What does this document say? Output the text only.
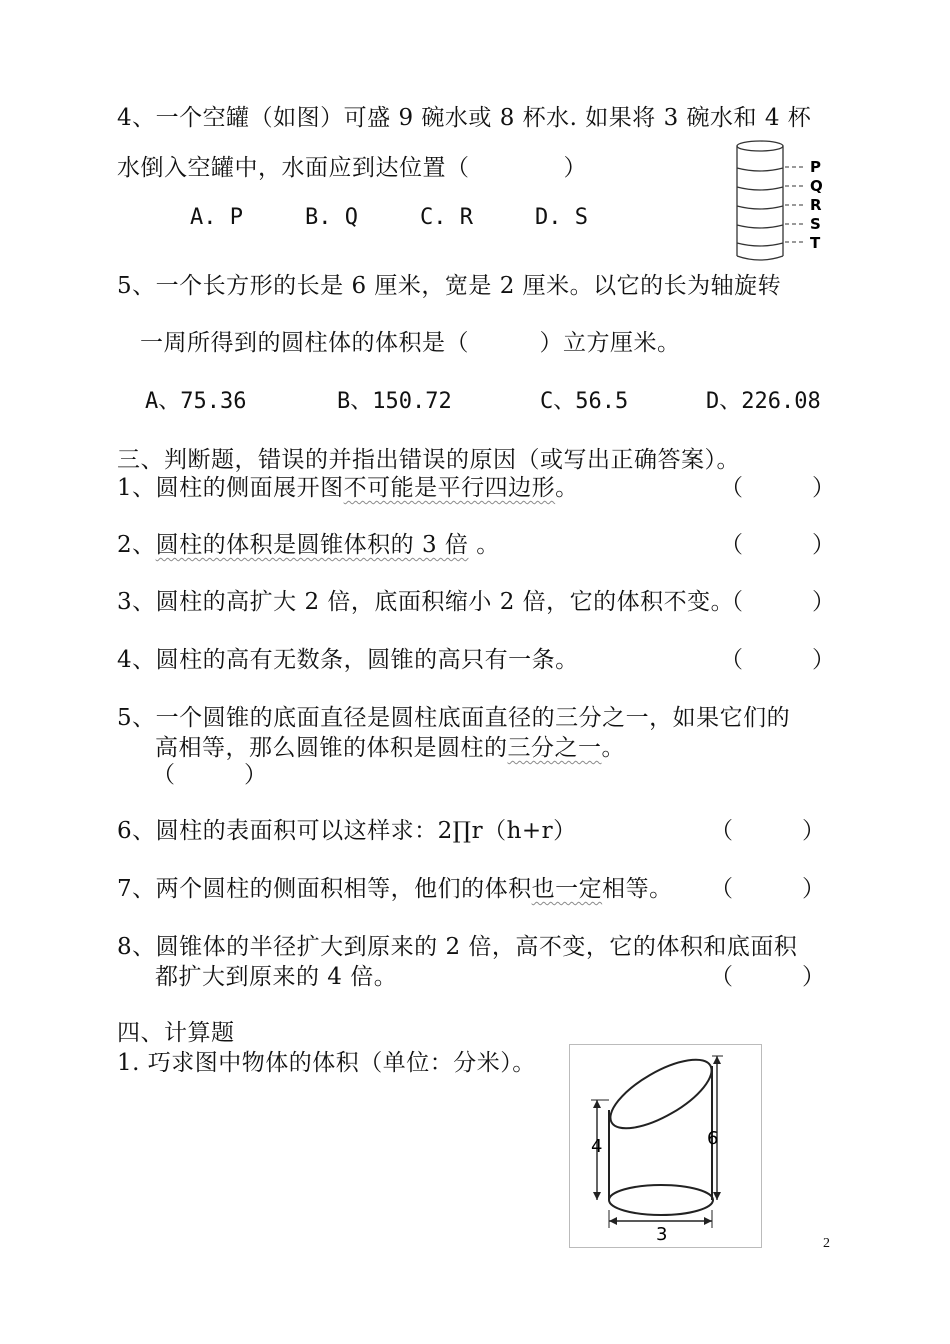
4、一个空罐（如图）可盛 9 碗水或 8 杯水. 如果将 3 碗水和 4 杯
水倒入空罐中，水面应到达位置（　　　　）
A. P	B. Q	C. R	D. S
P
Q
R
S
T
5、一个长方形的长是 6 厘米，宽是 2 厘米。以它的长为轴旋转
一周所得到的圆柱体的体积是（　　　）立方厘米。
A、75.36	B、150.72	C、56.5	D、226.08
三、判断题，错误的并指出错误的原因（或写出正确答案）。
1、圆柱的侧面展开图不可能是平行四边形。	（　　　）
2、圆柱的体积是圆锥体积的 3 倍 。	（　　　）
3、圆柱的高扩大 2 倍，底面积缩小 2 倍，它的体积不变。
（　　　）
4、圆柱的高有无数条，圆锥的高只有一条。	（　　　）
5、一个圆锥的底面直径是圆柱底面直径的三分之一，如果它们的
高相等，那么圆锥的体积是圆柱的三分之一。
（　　　）
6、圆柱的表面积可以这样求：2∏r（h+r）	（　　　）
7、两个圆柱的侧面积相等，他们的体积也一定相等。 （　　　）
8、圆锥体的半径扩大到原来的 2 倍，高不变，它的体积和底面积
都扩大到原来的 4 倍。	（　　　）
四、计算题
1. 巧求图中物体的体积（单位：分米）。
4	6
3	2
